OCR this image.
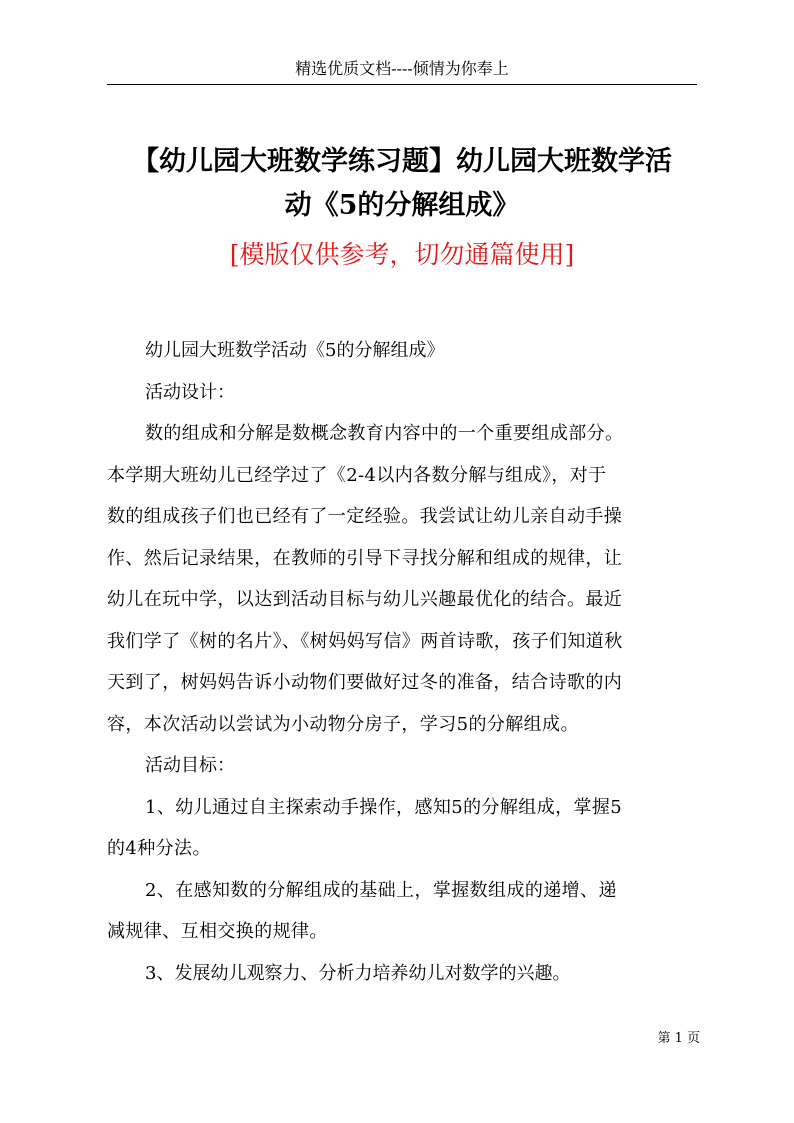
精选优质文档----倾情为你奉上
【幼儿园大班数学练习题】幼儿园大班数学活
动《5的分解组成》
[模版仅供参考，切勿通篇使用]

幼儿园大班数学活动《5的分解组成》

活动设计：

数的组成和分解是数概念教育内容中的一个重要组成部分。
本学期大班幼儿已经学过了《2-4以内各数分解与组成》，对于
数的组成孩子们也已经有了一定经验。我尝试让幼儿亲自动手操
作、然后记录结果，在教师的引导下寻找分解和组成的规律，让
幼儿在玩中学，以达到活动目标与幼儿兴趣最优化的结合。最近
我们学了《树的名片》、《树妈妈写信》两首诗歌，孩子们知道秋
天到了，树妈妈告诉小动物们要做好过冬的准备，结合诗歌的内
容，本次活动以尝试为小动物分房子，学习5的分解组成。

活动目标：

1、幼儿通过自主探索动手操作，感知5的分解组成，掌握5
的4种分法。

2、在感知数的分解组成的基础上，掌握数组成的递增、递
减规律、互相交换的规律。

3、发展幼儿观察力、分析力培养幼儿对数学的兴趣。

第 1 页
